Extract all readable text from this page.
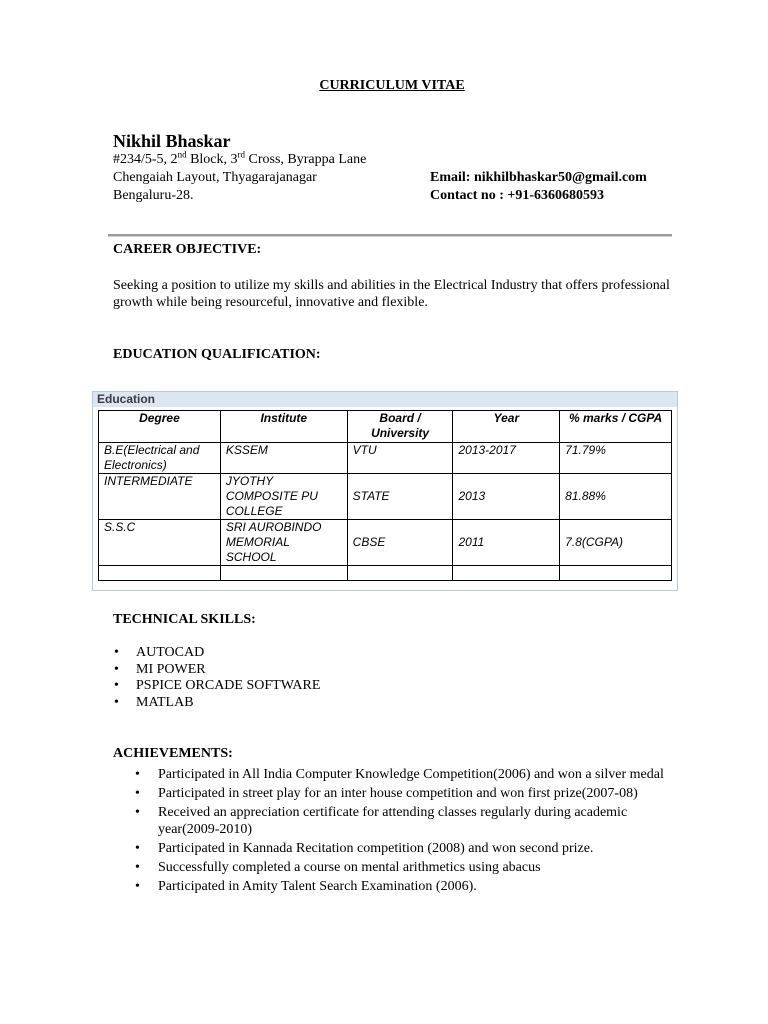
CURRICULUM VITAE
Nikhil Bhaskar
#234/5-5, 2nd Block, 3rd Cross, Byrappa Lane
Chengaiah Layout, Thyagarajanagar
Bengaluru-28.
Email: nikhilbhaskar50@gmail.com
Contact no : +91-6360680593
CAREER OBJECTIVE:
Seeking a position to utilize my skills and abilities in the Electrical Industry that offers professional growth while being resourceful, innovative and flexible.
EDUCATION QUALIFICATION:
Education
Degree	Institute	Board / University	Year	% marks / CGPA
B.E(Electrical and Electronics)	KSSEM	VTU	2013-2017	71.79%
INTERMEDIATE	JYOTHY COMPOSITE PU COLLEGE	STATE	2013	81.88%
S.S.C	SRI AUROBINDO MEMORIAL SCHOOL	CBSE	2011	7.8(CGPA)

TECHNICAL SKILLS:
• AUTOCAD
• MI POWER
• PSPICE ORCADE SOFTWARE
• MATLAB
ACHIEVEMENTS:
• Participated in All India Computer Knowledge Competition(2006) and won a silver medal
• Participated in street play for an inter house competition and won first prize(2007-08)
• Received an appreciation certificate for attending classes regularly during academic year(2009-2010)
• Participated in Kannada Recitation competition (2008) and won second prize.
• Successfully completed a course on mental arithmetics using abacus
• Participated in Amity Talent Search Examination (2006).
